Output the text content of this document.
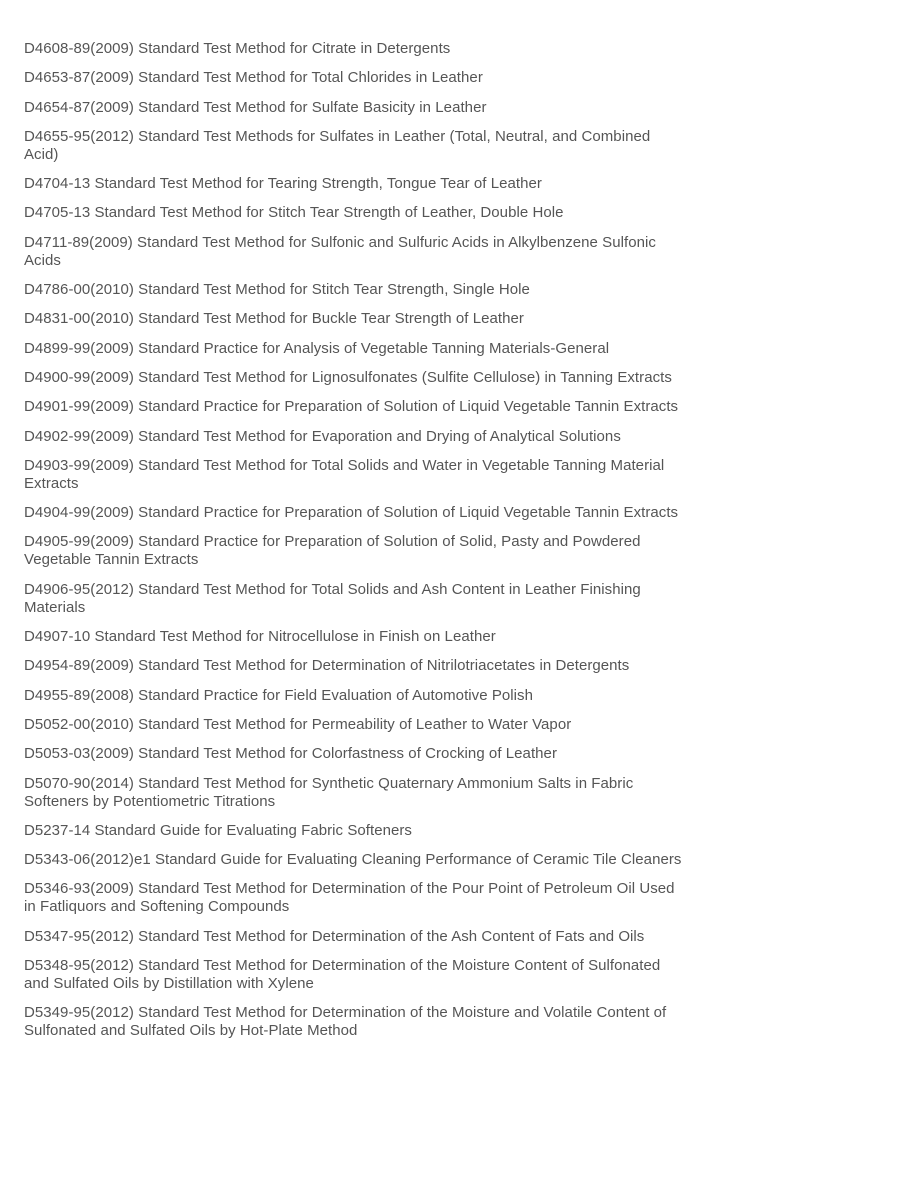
D4608-89(2009) Standard Test Method for Citrate in Detergents
D4653-87(2009) Standard Test Method for Total Chlorides in Leather
D4654-87(2009) Standard Test Method for Sulfate Basicity in Leather
D4655-95(2012) Standard Test Methods for Sulfates in Leather (Total, Neutral, and Combined Acid)
D4704-13 Standard Test Method for Tearing Strength, Tongue Tear of Leather
D4705-13 Standard Test Method for Stitch Tear Strength of Leather, Double Hole
D4711-89(2009) Standard Test Method for Sulfonic and Sulfuric Acids in Alkylbenzene Sulfonic Acids
D4786-00(2010) Standard Test Method for Stitch Tear Strength, Single Hole
D4831-00(2010) Standard Test Method for Buckle Tear Strength of Leather
D4899-99(2009) Standard Practice for Analysis of Vegetable Tanning Materials-General
D4900-99(2009) Standard Test Method for Lignosulfonates (Sulfite Cellulose) in Tanning Extracts
D4901-99(2009) Standard Practice for Preparation of Solution of Liquid Vegetable Tannin Extracts
D4902-99(2009) Standard Test Method for Evaporation and Drying of Analytical Solutions
D4903-99(2009) Standard Test Method for Total Solids and Water in Vegetable Tanning Material Extracts
D4904-99(2009) Standard Practice for Preparation of Solution of Liquid Vegetable Tannin Extracts
D4905-99(2009) Standard Practice for Preparation of Solution of Solid, Pasty and Powdered Vegetable Tannin Extracts
D4906-95(2012) Standard Test Method for Total Solids and Ash Content in Leather Finishing Materials
D4907-10 Standard Test Method for Nitrocellulose in Finish on Leather
D4954-89(2009) Standard Test Method for Determination of Nitrilotriacetates in Detergents
D4955-89(2008) Standard Practice for Field Evaluation of Automotive Polish
D5052-00(2010) Standard Test Method for Permeability of Leather to Water Vapor
D5053-03(2009) Standard Test Method for Colorfastness of Crocking of Leather
D5070-90(2014) Standard Test Method for Synthetic Quaternary Ammonium Salts in Fabric Softeners by Potentiometric Titrations
D5237-14 Standard Guide for Evaluating Fabric Softeners
D5343-06(2012)e1 Standard Guide for Evaluating Cleaning Performance of Ceramic Tile Cleaners
D5346-93(2009) Standard Test Method for Determination of the Pour Point of Petroleum Oil Used in Fatliquors and Softening Compounds
D5347-95(2012) Standard Test Method for Determination of the Ash Content of Fats and Oils
D5348-95(2012) Standard Test Method for Determination of the Moisture Content of Sulfonated and Sulfated Oils by Distillation with Xylene
D5349-95(2012) Standard Test Method for Determination of the Moisture and Volatile Content of Sulfonated and Sulfated Oils by Hot-Plate Method
